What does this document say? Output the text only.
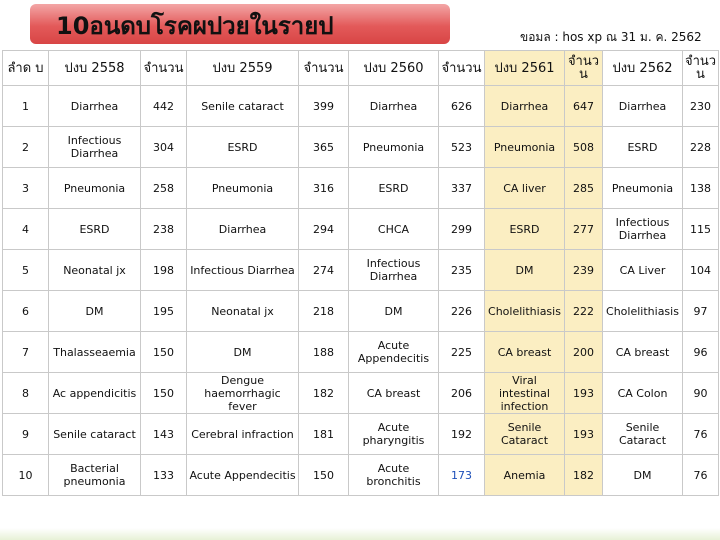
10อนดบโรคผปวยในรายป	ขอมล : hos xp ณ 31 ม. ค. 2562
ลำด บ	ปงบ 2558	จำนวน	ปงบ 2559	จำนวน	ปงบ 2560	จำนวน	ปงบ 2561	จำนว น	ปงบ 2562	จำนว น
1	Diarrhea	442	Senile cataract	399	Diarrhea	626	Diarrhea	647	Diarrhea	230
2	Infectious Diarrhea	304	ESRD	365	Pneumonia	523	Pneumonia	508	ESRD	228
3	Pneumonia	258	Pneumonia	316	ESRD	337	CA liver	285	Pneumonia	138
4	ESRD	238	Diarrhea	294	CHCA	299	ESRD	277	Infectious Diarrhea	115
5	Neonatal jx	198	Infectious Diarrhea	274	Infectious Diarrhea	235	DM	239	CA Liver	104
6	DM	195	Neonatal jx	218	DM	226	Cholelithiasis	222	Cholelithiasis	97
7	Thalasseaemia	150	DM	188	Acute Appendecitis	225	CA breast	200	CA breast	96
8	Ac appendicitis	150	Dengue haemorrhagic fever	182	CA breast	206	Viral intestinal infection	193	CA Colon	90
9	Senile cataract	143	Cerebral infraction	181	Acute pharyngitis	192	Senile Cataract	193	Senile Cataract	76
10	Bacterial pneumonia	133	Acute Appendecitis	150	Acute bronchitis	173	Anemia	182	DM	76
